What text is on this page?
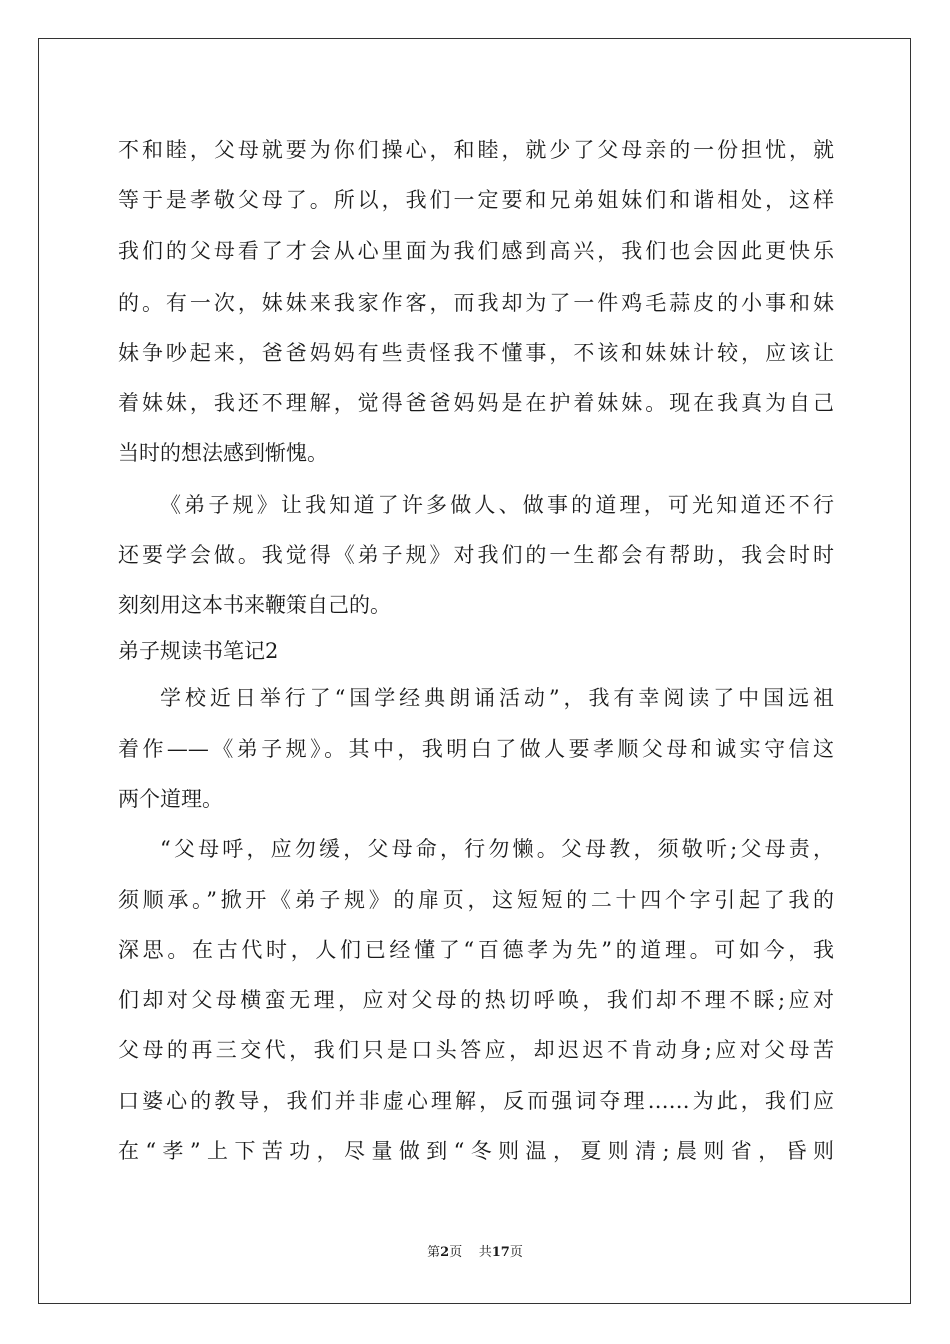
不和睦，父母就要为你们操心，和睦，就少了父母亲的一份担忧，就
等于是孝敬父母了。所以，我们一定要和兄弟姐妹们和谐相处，这样
我们的父母看了才会从心里面为我们感到高兴，我们也会因此更快乐
的。有一次，妹妹来我家作客，而我却为了一件鸡毛蒜皮的小事和妹
妹争吵起来，爸爸妈妈有些责怪我不懂事，不该和妹妹计较，应该让
着妹妹，我还不理解，觉得爸爸妈妈是在护着妹妹。现在我真为自己
当时的想法感到惭愧。
《弟子规》让我知道了许多做人、做事的道理，可光知道还不行
还要学会做。我觉得《弟子规》对我们的一生都会有帮助，我会时时
刻刻用这本书来鞭策自己的。
弟子规读书笔记2
学校近日举行了“国学经典朗诵活动”，我有幸阅读了中国远祖
着作——《弟子规》。其中，我明白了做人要孝顺父母和诚实守信这
两个道理。
“父母呼，应勿缓，父母命，行勿懒。父母教，须敬听;父母责，
须顺承。”掀开《弟子规》的扉页，这短短的二十四个字引起了我的
深思。在古代时，人们已经懂了“百德孝为先”的道理。可如今，我
们却对父母横蛮无理，应对父母的热切呼唤，我们却不理不睬;应对
父母的再三交代，我们只是口头答应，却迟迟不肯动身;应对父母苦
口婆心的教导，我们并非虚心理解，反而强词夺理……为此，我们应
在“孝”上下苦功，尽量做到“冬则温，夏则清;晨则省，昏则
第2页 共17页
